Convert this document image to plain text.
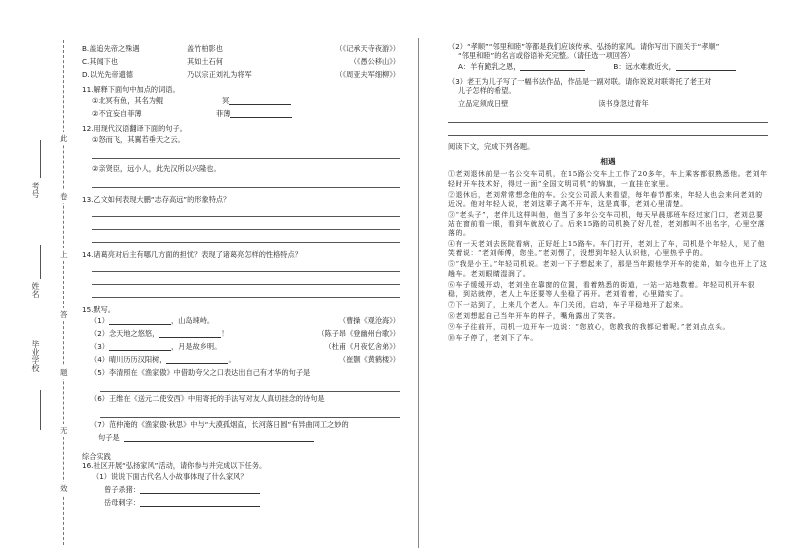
考号
姓名
毕业学校
此
卷
上
答
题
无
效
B.盖追先帝之殊遇	盖竹柏影也	（《记承天寺夜游》）
C.其闻下也	其如土石何	（《愚公移山》）
D.以光先帝遗德	乃以宗正刘礼为将军	（《周亚夫军细柳》）
11.解释下面句中加点的词语。
①北冥有鱼，其名为鲲	冥
②不宜妄自菲薄	菲薄
12.用现代汉语翻译下面的句子。
①怒而飞，其翼若垂天之云。
②亲贤臣，远小人，此先汉所以兴隆也。
13.乙文如何表现大鹏“志存高远”的形象特点？
14.诸葛亮对后主有哪几方面的担忧？表现了诸葛亮怎样的性格特点？
15.默写。
（1）	，山岛竦峙。	（曹操《观沧海》）
（2）念天地之悠悠，	！	（陈子昂《登幽州台歌》）
（3）	，月是故乡明。	（杜甫《月夜忆舍弟》）
（4）晴川历历汉阳树，	。	（崔颢《黄鹤楼》）
（5）李清照在《渔家傲》中借助夸父之口表达出自己有才华的句子是
（6）王维在《送元二使安西》中用寄托的手法写对友人真切挂念的诗句是
（7）范仲淹的《渔家傲·秋思》中与“大漠孤烟直，长河落日圆”有异曲同工之妙的
句子是
综合实践
16.社区开展“弘扬家风”活动，请你参与并完成以下任务。
（1）说说下面古代名人小故事体现了什么家风？
曾子杀猪：
岳母刺字：
（2）“孝顺”“邻里和睦”等都是我们应该传承、弘扬的家风。请你写出下面关于“孝顺”
“邻里和睦”的名言或俗语补充完整。（请任选一项回答）
A：羊有跪乳之恩，	B：远水难救近火，
（3）老王为儿子写了一幅书法作品，作品是一副对联。请你说说对联寄托了老王对
儿子怎样的希望。
立品定须成日壁	读书身忽过青年
阅读下文，完成下列各题。
相遇

①老刘退休前是一名公交车司机，在15路公交车上工作了20多年，车上乘客都很熟悉他。老刘年轻时开车技术好，得过一面“全国文明司机”的锦旗，一直挂在家里。

②退休后，老刘常常想念他的车。公交公司派人来看望，每年春节都来，年轻人也会来问老刘的近况。他对年轻人说，老刘这辈子离不开车，这是真事，老刘心里清楚。

③“老头子”，老伴儿这样叫他，他当了多年公交车司机，每天早晨那班车经过家门口，老刘总要站在窗前看一眼，看到车就放心了。后来15路的司机换了好几茬，老刘都叫不出名字，心里空落落的。

④有一天老刘去医院看病，正好赶上15路车。车门打开，老刘上了车，司机是个年轻人，见了他笑着说：“老刘师傅，您坐。”老刘愣了，没想到年轻人认识他，心里热乎乎的。

⑤“我是小王。”年轻司机说。老刘一下子想起来了，那是当年跟他学开车的徒弟，如今也开上了这趟车。老刘眼睛湿润了。

⑥车子缓缓开动，老刘坐在靠窗的位置，看着熟悉的街道，一站一站地数着。年轻司机开车很稳，到站就停，老人上车还要等人坐稳了再开。老刘看着，心里踏实了。

⑦下一站到了，上来几个老人。车门关闭，启动，车子平稳地开了起来。

⑧老刘想起自己当年开车的样子，嘴角露出了笑容。

⑨车子往前开，司机一边开车一边说：“您放心，您教我的我都记着呢。”老刘点点头。

⑩车子停了，老刘下了车。
